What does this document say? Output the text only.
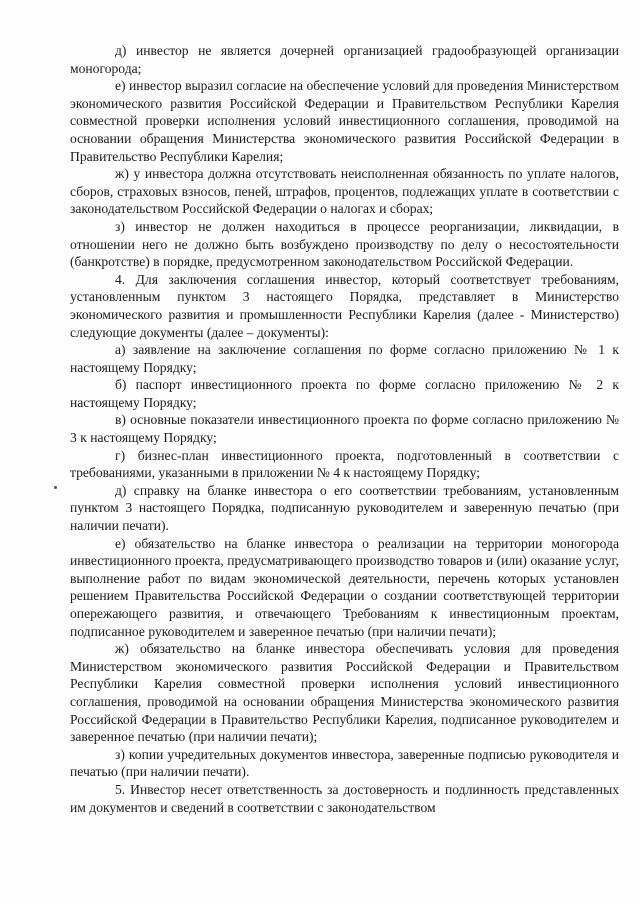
д) инвестор не является дочерней организацией градообразующей организации моногорода;

е) инвестор выразил согласие на обеспечение условий для проведения Министерством экономического развития Российской Федерации и Правительством Республики Карелия совместной проверки исполнения условий инвестиционного соглашения, проводимой на основании обращения Министерства экономического развития Российской Федерации в Правительство Республики Карелия;

ж) у инвестора должна отсутствовать неисполненная обязанность по уплате налогов, сборов, страховых взносов, пеней, штрафов, процентов, подлежащих уплате в соответствии с законодательством Российской Федерации о налогах и сборах;

з) инвестор не должен находиться в процессе реорганизации, ликвидации, в отношении него не должно быть возбуждено производству по делу о несостоятельности (банкротстве) в порядке, предусмотренном законодательством Российской Федерации.

4. Для заключения соглашения инвестор, который соответствует требованиям, установленным пунктом 3 настоящего Порядка, представляет в Министерство экономического развития и промышленности Республики Карелия (далее - Министерство) следующие документы (далее – документы):

а) заявление на заключение соглашения по форме согласно приложению № 1 к настоящему Порядку;

б) паспорт инвестиционного проекта по форме согласно приложению № 2 к настоящему Порядку;

в) основные показатели инвестиционного проекта по форме согласно приложению № 3 к настоящему Порядку;

г) бизнес-план инвестиционного проекта, подготовленный в соответствии с требованиями, указанными в приложении № 4 к настоящему Порядку;

д) справку на бланке инвестора о его соответствии требованиям, установленным пунктом 3 настоящего Порядка, подписанную руководителем и заверенную печатью (при наличии печати).

е) обязательство на бланке инвестора о реализации на территории моногорода инвестиционного проекта, предусматривающего производство товаров и (или) оказание услуг, выполнение работ по видам экономической деятельности, перечень которых установлен решением Правительства Российской Федерации о создании соответствующей территории опережающего развития, и отвечающего Требованиям к инвестиционным проектам, подписанное руководителем и заверенное печатью (при наличии печати);

ж) обязательство на бланке инвестора обеспечивать условия для проведения Министерством экономического развития Российской Федерации и Правительством Республики Карелия совместной проверки исполнения условий инвестиционного соглашения, проводимой на основании обращения Министерства экономического развития Российской Федерации в Правительство Республики Карелия, подписанное руководителем и заверенное печатью (при наличии печати);

з) копии учредительных документов инвестора, заверенные подписью руководителя и печатью (при наличии печати).

5. Инвестор несет ответственность за достоверность и подлинность представленных им документов и сведений в соответствии с законодательством
